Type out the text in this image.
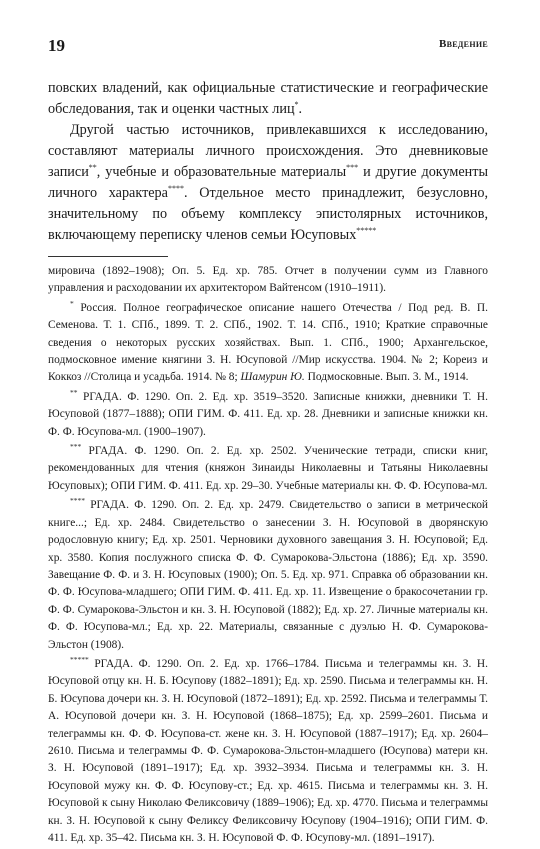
19	Введение

повских владений, как официальные статистические и географические обследования, так и оценки частных лиц*.

Другой частью источников, привлекавшихся к исследованию, составляют материалы личного происхождения. Это дневниковые записи**, учебные и образовательные материалы*** и другие документы личного характера****. Отдельное место принадлежит, безусловно, значительному по объему комплексу эпистолярных источников, включающему переписку членов семьи Юсуповых*****

мировича (1892–1908); Оп. 5. Ед. хр. 785. Отчет в получении сумм из Главного управления и расходовании их архитектором Вайтенсом (1910–1911).

* Россия. Полное географическое описание нашего Отечества / Под ред. В. П. Семенова. Т. 1. СПб., 1899. Т. 2. СПб., 1902. Т. 14. СПб., 1910; Краткие справочные сведения о некоторых русских хозяйствах. Вып. 1. СПб., 1900; Архангельское, подмосковное имение княгини З. Н. Юсуповой //Мир искусства. 1904. № 2; Кореиз и Коккоз //Столица и усадьба. 1914. № 8; Шамурин Ю. Подмосковные. Вып. 3. М., 1914.

** РГАДА. Ф. 1290. Оп. 2. Ед. хр. 3519–3520. Записные книжки, дневники Т. Н. Юсуповой (1877–1888); ОПИ ГИМ. Ф. 411. Ед. хр. 28. Дневники и записные книжки кн. Ф. Ф. Юсупова-мл. (1900–1907).

*** РГАДА. Ф. 1290. Оп. 2. Ед. хр. 2502. Ученические тетради, списки книг, рекомендованных для чтения (княжон Зинаиды Николаевны и Татьяны Николаевны Юсуповых); ОПИ ГИМ. Ф. 411. Ед. хр. 29–30. Учебные материалы кн. Ф. Ф. Юсупова-мл.

**** РГАДА. Ф. 1290. Оп. 2. Ед. хр. 2479. Свидетельство о записи в метрической книге...; Ед. хр. 2484. Свидетельство о занесении З. Н. Юсуповой в дворянскую родословную книгу; Ед. хр. 2501. Черновики духовного завещания З. Н. Юсуповой; Ед. хр. 3580. Копия послужного списка Ф. Ф. Сумарокова-Эльстона (1886); Ед. хр. 3590. Завещание Ф. Ф. и З. Н. Юсуповых (1900); Оп. 5. Ед. хр. 971. Справка об образовании кн. Ф. Ф. Юсупова-младшего; ОПИ ГИМ. Ф. 411. Ед. хр. 11. Извещение о бракосочетании гр. Ф. Ф. Сумарокова-Эльстон и кн. З. Н. Юсуповой (1882); Ед. хр. 27. Личные материалы кн. Ф. Ф. Юсупова-мл.; Ед. хр. 22. Материалы, связанные с дуэлью Н. Ф. Сумарокова-Эльстон (1908).

***** РГАДА. Ф. 1290. Оп. 2. Ед. хр. 1766–1784. Письма и телеграммы кн. З. Н. Юсуповой отцу кн. Н. Б. Юсупову (1882–1891); Ед. хр. 2590. Письма и телеграммы кн. Н. Б. Юсупова дочери кн. З. Н. Юсуповой (1872–1891); Ед. хр. 2592. Письма и телеграммы Т. А. Юсуповой дочери кн. З. Н. Юсуповой (1868–1875); Ед. хр. 2599–2601. Письма и телеграммы кн. Ф. Ф. Юсупова-ст. жене кн. З. Н. Юсуповой (1887–1917); Ед. хр. 2604–2610. Письма и телеграммы Ф. Ф. Сумарокова-Эльстон-младшего (Юсупова) матери кн. З. Н. Юсуповой (1891–1917); Ед. хр. 3932–3934. Письма и телеграммы кн. З. Н. Юсуповой мужу кн. Ф. Ф. Юсупову-ст.; Ед. хр. 4615. Письма и телеграммы кн. З. Н. Юсуповой к сыну Николаю Феликсовичу (1889–1906); Ед. хр. 4770. Письма и телеграммы кн. З. Н. Юсуповой к сыну Феликсу Феликсовичу Юсупову (1904–1916); ОПИ ГИМ. Ф. 411. Ед. хр. 35–42. Письма кн. З. Н. Юсуповой Ф. Ф. Юсупову-мл. (1891–1917).
